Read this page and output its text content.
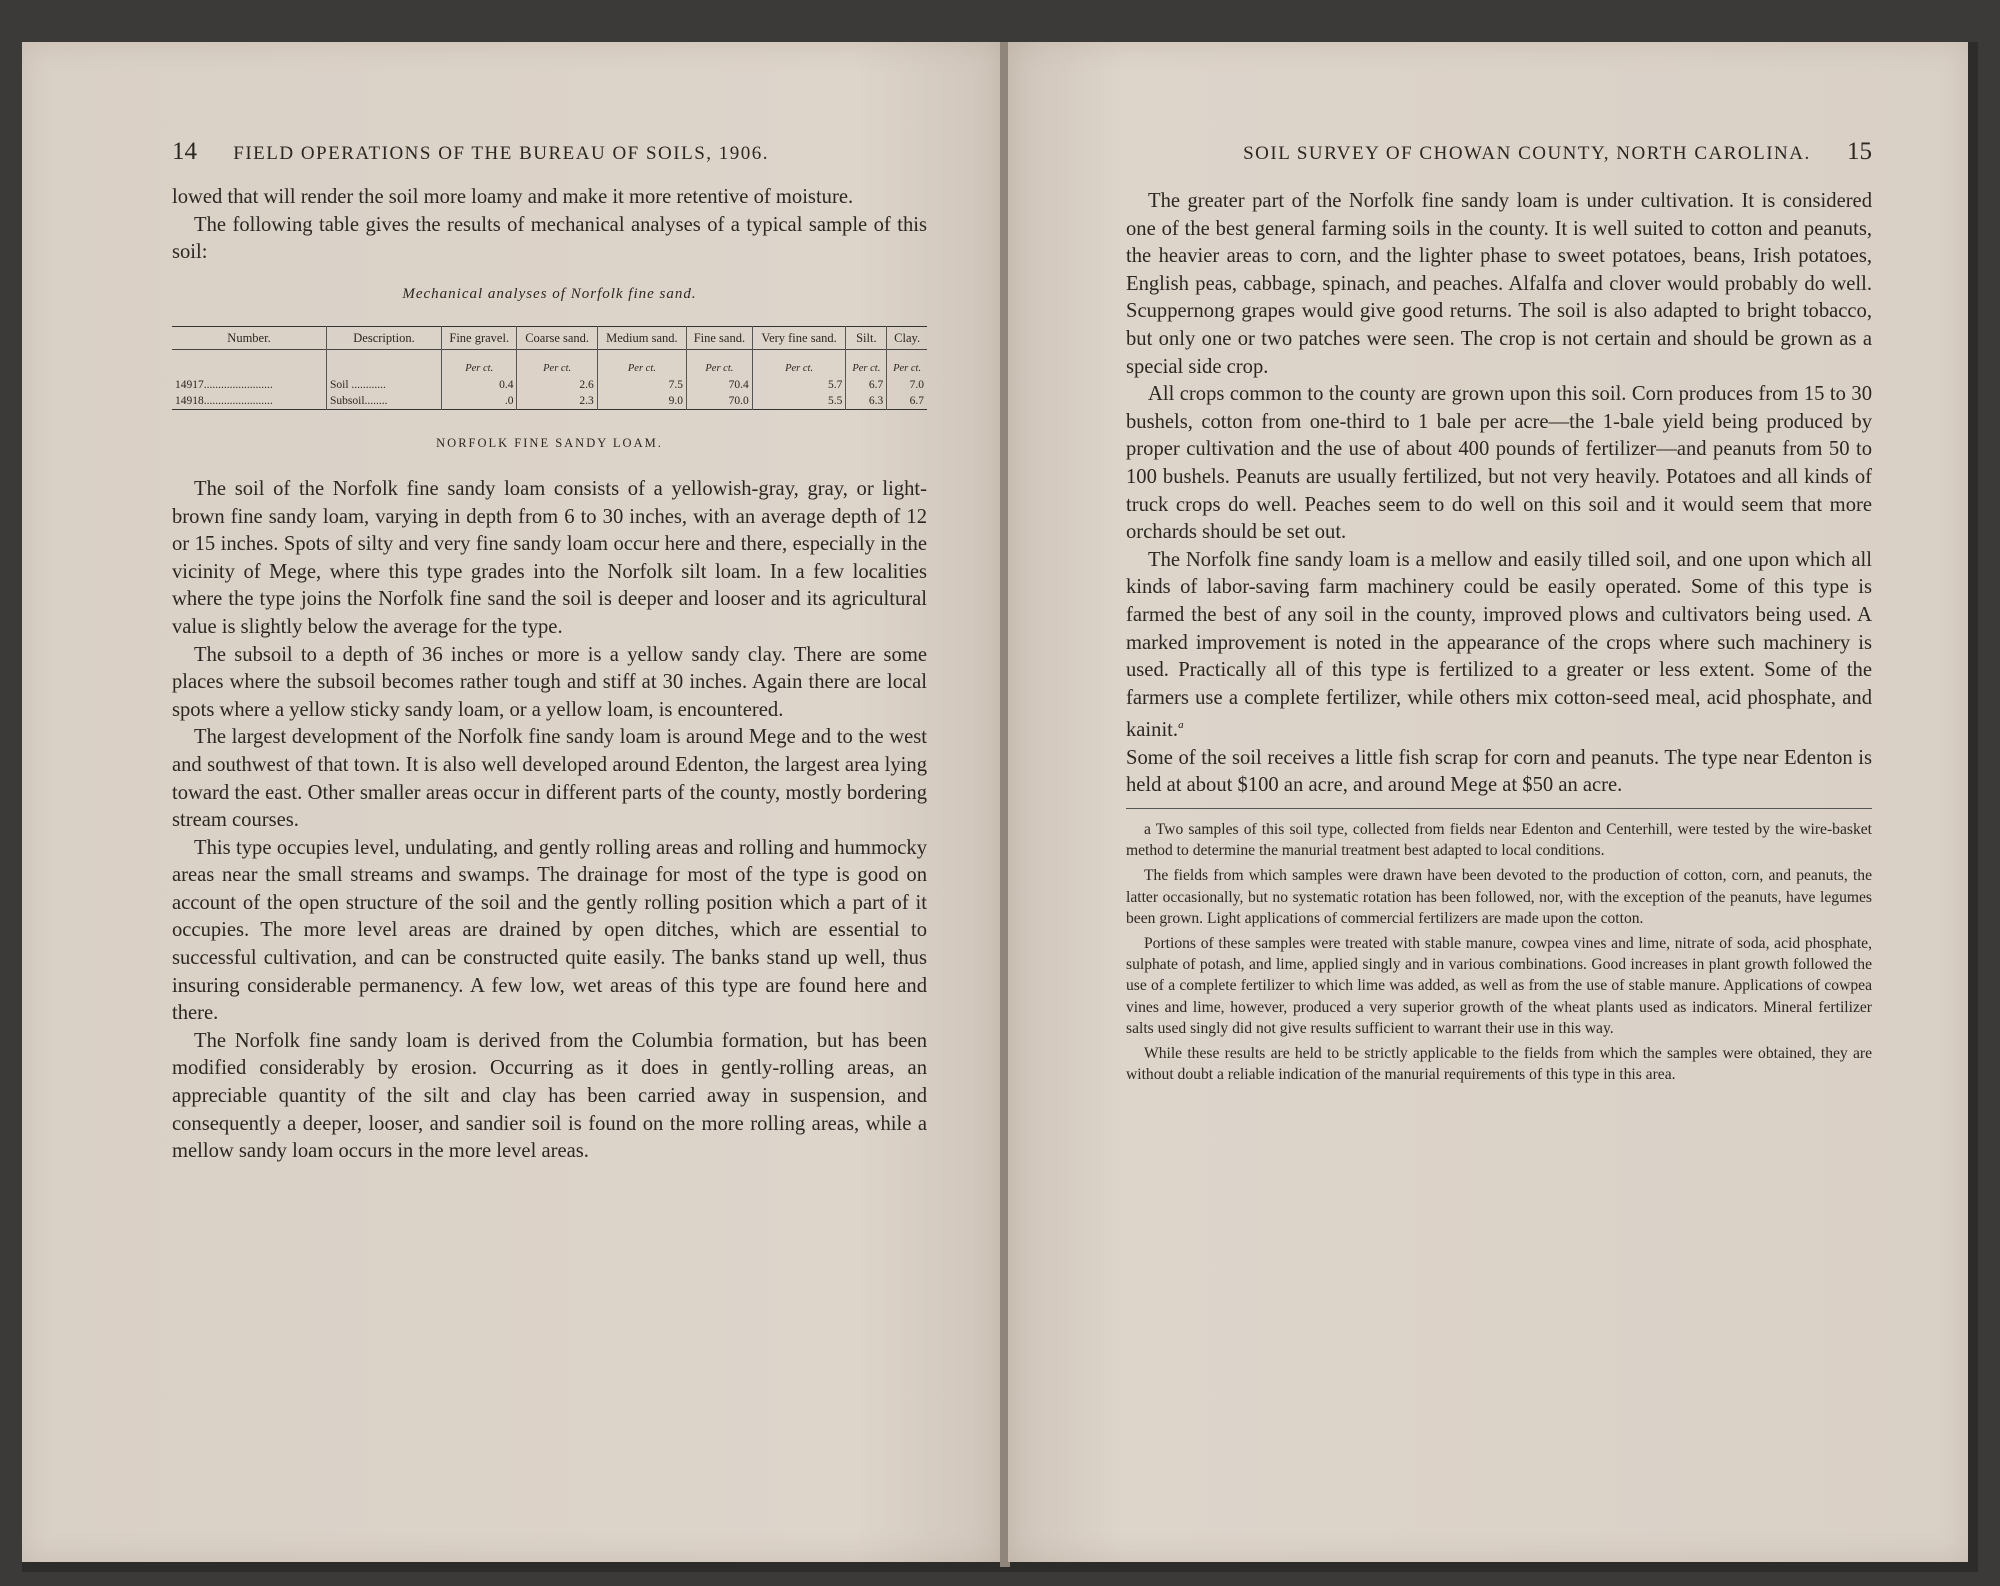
14 FIELD OPERATIONS OF THE BUREAU OF SOILS, 1906.

lowed that will render the soil more loamy and make it more retentive of moisture.

The following table gives the results of mechanical analyses of a typical sample of this soil:

Mechanical analyses of Norfolk fine sand.
Number.	Description.	Fine gravel.	Coarse sand.	Medium sand.	Fine sand.	Very fine sand.	Silt.	Clay.
		Per ct.	Per ct.	Per ct.	Per ct.	Per ct.	Per ct.	Per ct.
14917........................	Soil ............	0.4	2.6	7.5	70.4	5.7	6.7	7.0
14918........................	Subsoil........	.0	2.3	9.0	70.0	5.5	6.3	6.7
NORFOLK FINE SANDY LOAM.

The soil of the Norfolk fine sandy loam consists of a yellowish-gray, gray, or light-brown fine sandy loam, varying in depth from 6 to 30 inches, with an average depth of 12 or 15 inches. Spots of silty and very fine sandy loam occur here and there, especially in the vicinity of Mege, where this type grades into the Norfolk silt loam. In a few localities where the type joins the Norfolk fine sand the soil is deeper and looser and its agricultural value is slightly below the average for the type.

The subsoil to a depth of 36 inches or more is a yellow sandy clay. There are some places where the subsoil becomes rather tough and stiff at 30 inches. Again there are local spots where a yellow sticky sandy loam, or a yellow loam, is encountered.

The largest development of the Norfolk fine sandy loam is around Mege and to the west and southwest of that town. It is also well developed around Edenton, the largest area lying toward the east. Other smaller areas occur in different parts of the county, mostly bordering stream courses.

This type occupies level, undulating, and gently rolling areas and rolling and hummocky areas near the small streams and swamps. The drainage for most of the type is good on account of the open structure of the soil and the gently rolling position which a part of it occupies. The more level areas are drained by open ditches, which are essential to successful cultivation, and can be constructed quite easily. The banks stand up well, thus insuring considerable permanency. A few low, wet areas of this type are found here and there.

The Norfolk fine sandy loam is derived from the Columbia formation, but has been modified considerably by erosion. Occurring as it does in gently-rolling areas, an appreciable quantity of the silt and clay has been carried away in suspension, and consequently a deeper, looser, and sandier soil is found on the more rolling areas, while a mellow sandy loam occurs in the more level areas.

SOIL SURVEY OF CHOWAN COUNTY, NORTH CAROLINA. 15

The greater part of the Norfolk fine sandy loam is under cultivation. It is considered one of the best general farming soils in the county. It is well suited to cotton and peanuts, the heavier areas to corn, and the lighter phase to sweet potatoes, beans, Irish potatoes, English peas, cabbage, spinach, and peaches. Alfalfa and clover would probably do well. Scuppernong grapes would give good returns. The soil is also adapted to bright tobacco, but only one or two patches were seen. The crop is not certain and should be grown as a special side crop.

All crops common to the county are grown upon this soil. Corn produces from 15 to 30 bushels, cotton from one-third to 1 bale per acre—the 1-bale yield being produced by proper cultivation and the use of about 400 pounds of fertilizer—and peanuts from 50 to 100 bushels. Peanuts are usually fertilized, but not very heavily. Potatoes and all kinds of truck crops do well. Peaches seem to do well on this soil and it would seem that more orchards should be set out.

The Norfolk fine sandy loam is a mellow and easily tilled soil, and one upon which all kinds of labor-saving farm machinery could be easily operated. Some of this type is farmed the best of any soil in the county, improved plows and cultivators being used. A marked improvement is noted in the appearance of the crops where such machinery is used. Practically all of this type is fertilized to a greater or less extent. Some of the farmers use a complete fertilizer, while others mix cotton-seed meal, acid phosphate, and kainit.$^a$

Some of the soil receives a little fish scrap for corn and peanuts. The type near Edenton is held at about $100 an acre, and around Mege at $50 an acre.

a Two samples of this soil type, collected from fields near Edenton and Centerhill, were tested by the wire-basket method to determine the manurial treatment best adapted to local conditions.

The fields from which samples were drawn have been devoted to the production of cotton, corn, and peanuts, the latter occasionally, but no systematic rotation has been followed, nor, with the exception of the peanuts, have legumes been grown. Light applications of commercial fertilizers are made upon the cotton.

Portions of these samples were treated with stable manure, cowpea vines and lime, nitrate of soda, acid phosphate, sulphate of potash, and lime, applied singly and in various combinations. Good increases in plant growth followed the use of a complete fertilizer to which lime was added, as well as from the use of stable manure. Applications of cowpea vines and lime, however, produced a very superior growth of the wheat plants used as indicators. Mineral fertilizer salts used singly did not give results sufficient to warrant their use in this way.

While these results are held to be strictly applicable to the fields from which the samples were obtained, they are without doubt a reliable indication of the manurial requirements of this type in this area.
